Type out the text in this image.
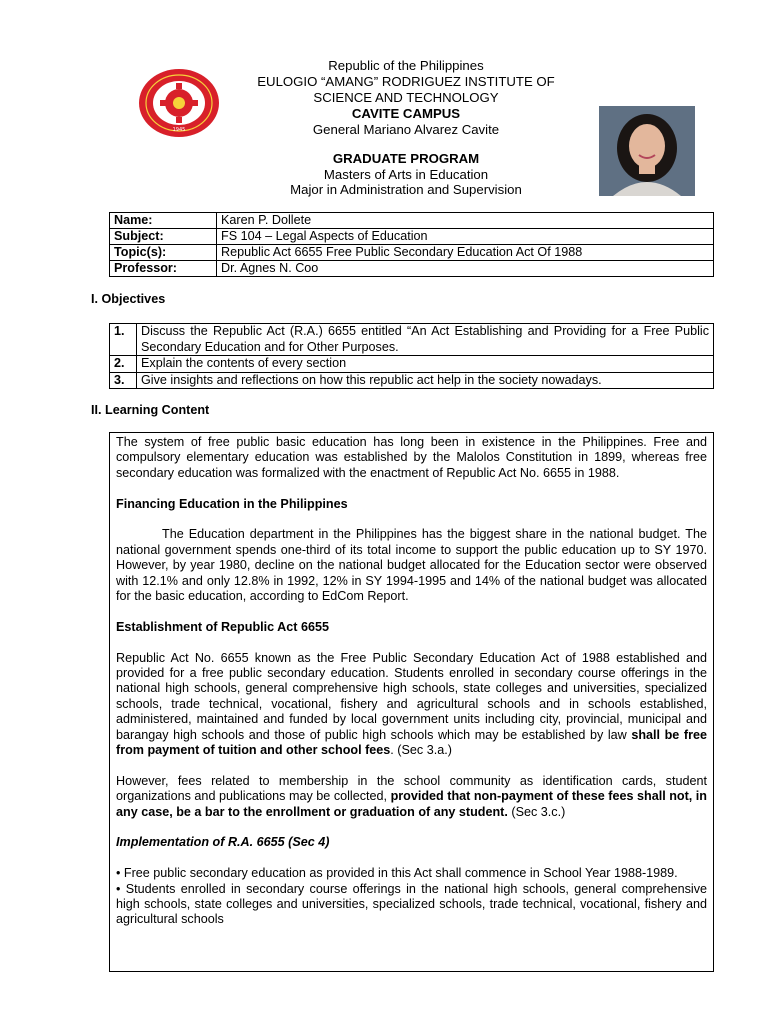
1945
Republic of the Philippines
EULOGIO “AMANG” RODRIGUEZ INSTITUTE OF
SCIENCE AND TECHNOLOGY
CAVITE CAMPUS
General Mariano Alvarez Cavite
GRADUATE PROGRAM
Masters of Arts in Education
Major in Administration and Supervision
Name:	Karen P. Dollete
Subject:	FS 104 – Legal Aspects of Education
Topic(s):	Republic Act 6655 Free Public Secondary Education Act Of 1988
Professor:	Dr. Agnes N. Coo
I. Objectives
1.	Discuss the Republic Act (R.A.) 6655 entitled “An Act Establishing and Providing for a Free Public Secondary Education and for Other Purposes.
2.	Explain the contents of every section
3.	Give insights and reflections on how this republic act help in the society nowadays.
II. Learning Content

The system of free public basic education has long been in existence in the Philippines. Free and compulsory elementary education was established by the Malolos Constitution in 1899, whereas free secondary education was formalized with the enactment of Republic Act No. 6655 in 1988.

Financing Education in the Philippines

The Education department in the Philippines has the biggest share in the national budget. The national government spends one-third of its total income to support the public education up to SY 1970. However, by year 1980, decline on the national budget allocated for the Education sector were observed with 12.1% and only 12.8% in 1992, 12% in SY 1994-1995 and 14% of the national budget was allocated for the basic education, according to EdCom Report.

Establishment of Republic Act 6655

Republic Act No. 6655 known as the Free Public Secondary Education Act of 1988 established and provided for a free public secondary education. Students enrolled in secondary course offerings in the national high schools, general comprehensive high schools, state colleges and universities, specialized schools, trade technical, vocational, fishery and agricultural schools and in schools established, administered, maintained and funded by local government units including city, provincial, municipal and barangay high schools and those of public high schools which may be established by law shall be free from payment of tuition and other school fees. (Sec 3.a.)

However, fees related to membership in the school community as identification cards, student organizations and publications may be collected, provided that non-payment of these fees shall not, in any case, be a bar to the enrollment or graduation of any student. (Sec 3.c.)

Implementation of R.A. 6655 (Sec 4)

• Free public secondary education as provided in this Act shall commence in School Year 1988-1989.

• Students enrolled in secondary course offerings in the national high schools, general comprehensive high schools, state colleges and universities, specialized schools, trade technical, vocational, fishery and agricultural schools
